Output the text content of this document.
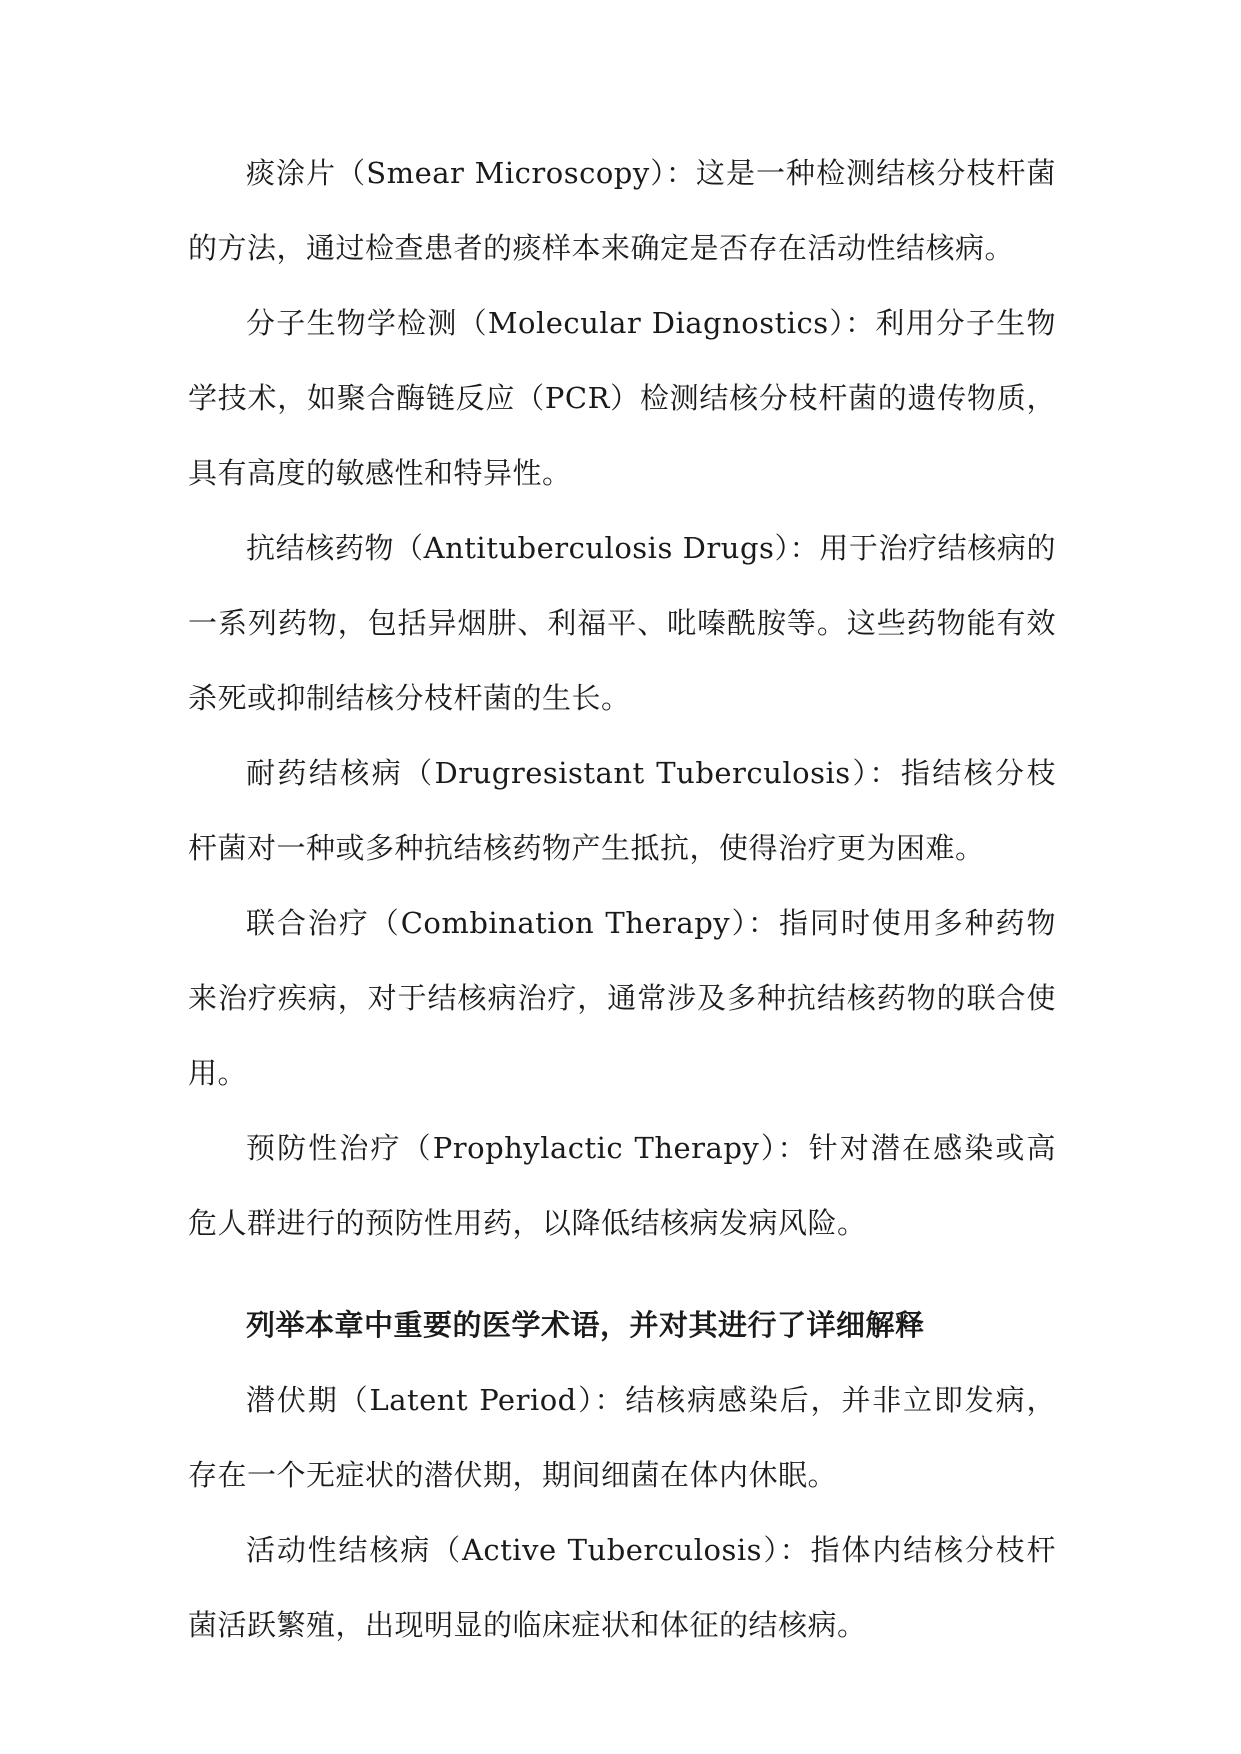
痰涂片（Smear Microscopy）：这是一种检测结核分枝杆菌的方法，通过检查患者的痰样本来确定是否存在活动性结核病。

分子生物学检测（Molecular Diagnostics）：利用分子生物学技术，如聚合酶链反应（PCR）检测结核分枝杆菌的遗传物质，具有高度的敏感性和特异性。

抗结核药物（Antituberculosis Drugs）：用于治疗结核病的一系列药物，包括异烟肼、利福平、吡嗪酰胺等。这些药物能有效杀死或抑制结核分枝杆菌的生长。

耐药结核病（Drugresistant Tuberculosis）：指结核分枝杆菌对一种或多种抗结核药物产生抵抗，使得治疗更为困难。

联合治疗（Combination Therapy）：指同时使用多种药物来治疗疾病，对于结核病治疗，通常涉及多种抗结核药物的联合使用。

预防性治疗（Prophylactic Therapy）：针对潜在感染或高危人群进行的预防性用药，以降低结核病发病风险。

列举本章中重要的医学术语，并对其进行了详细解释

潜伏期（Latent Period）：结核病感染后，并非立即发病，存在一个无症状的潜伏期，期间细菌在体内休眠。

活动性结核病（Active Tuberculosis）：指体内结核分枝杆菌活跃繁殖，出现明显的临床症状和体征的结核病。
